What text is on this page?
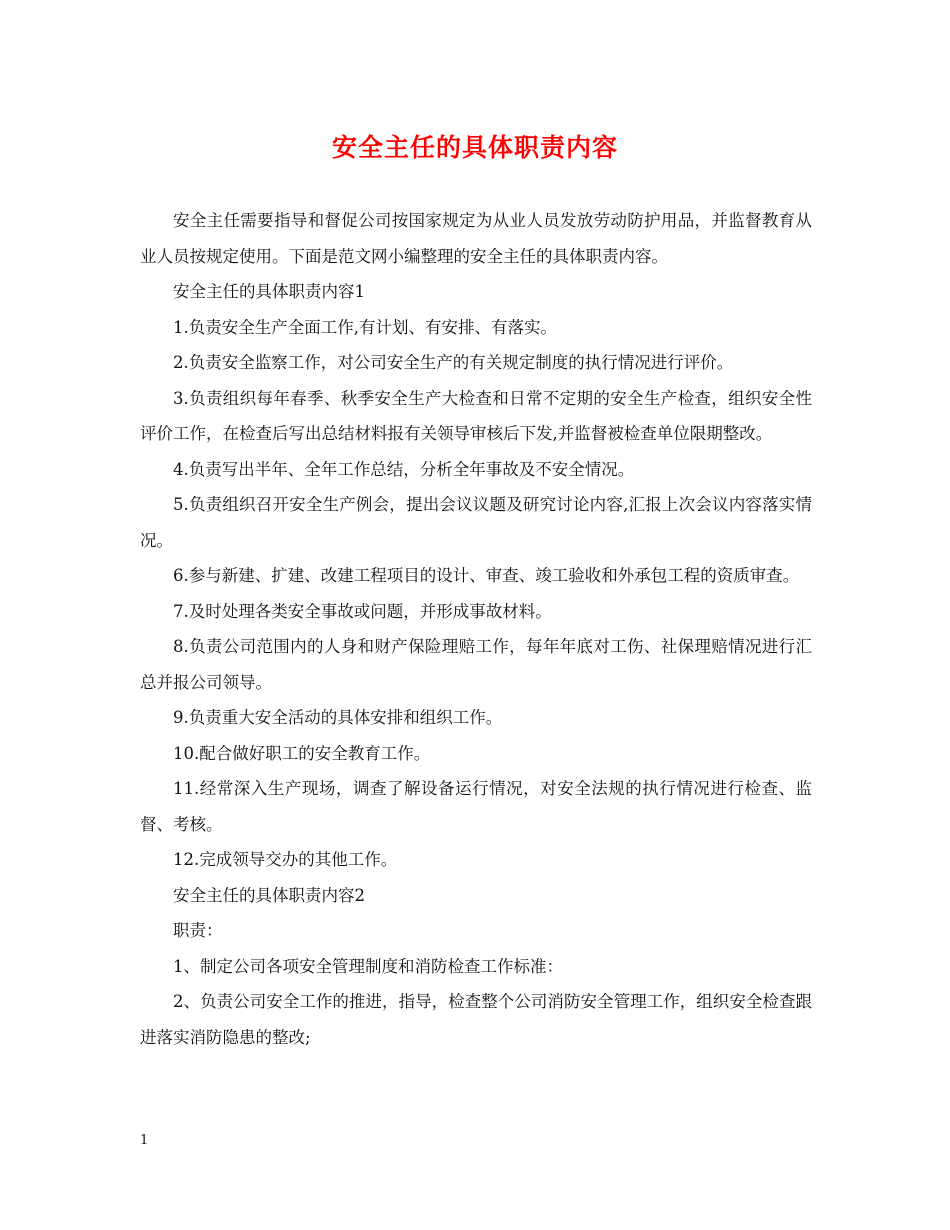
安全主任的具体职责内容

安全主任需要指导和督促公司按国家规定为从业人员发放劳动防护用品，并监督教育从业人员按规定使用。下面是范文网小编整理的安全主任的具体职责内容。

安全主任的具体职责内容1

1.负责安全生产全面工作,有计划、有安排、有落实。

2.负责安全监察工作，对公司安全生产的有关规定制度的执行情况进行评价。

3.负责组织每年春季、秋季安全生产大检查和日常不定期的安全生产检查，组织安全性评价工作，在检查后写出总结材料报有关领导审核后下发,并监督被检查单位限期整改。

4.负责写出半年、全年工作总结，分析全年事故及不安全情况。

5.负责组织召开安全生产例会，提出会议议题及研究讨论内容,汇报上次会议内容落实情况。

6.参与新建、扩建、改建工程项目的设计、审查、竣工验收和外承包工程的资质审查。

7.及时处理各类安全事故或问题，并形成事故材料。

8.负责公司范围内的人身和财产保险理赔工作，每年年底对工伤、社保理赔情况进行汇总并报公司领导。

9.负责重大安全活动的具体安排和组织工作。

10.配合做好职工的安全教育工作。

11.经常深入生产现场，调查了解设备运行情况，对安全法规的执行情况进行检查、监督、考核。

12.完成领导交办的其他工作。

安全主任的具体职责内容2

职责：

1、制定公司各项安全管理制度和消防检查工作标准：

2、负责公司安全工作的推进，指导，检查整个公司消防安全管理工作，组织安全检查跟进落实消防隐患的整改;

1
